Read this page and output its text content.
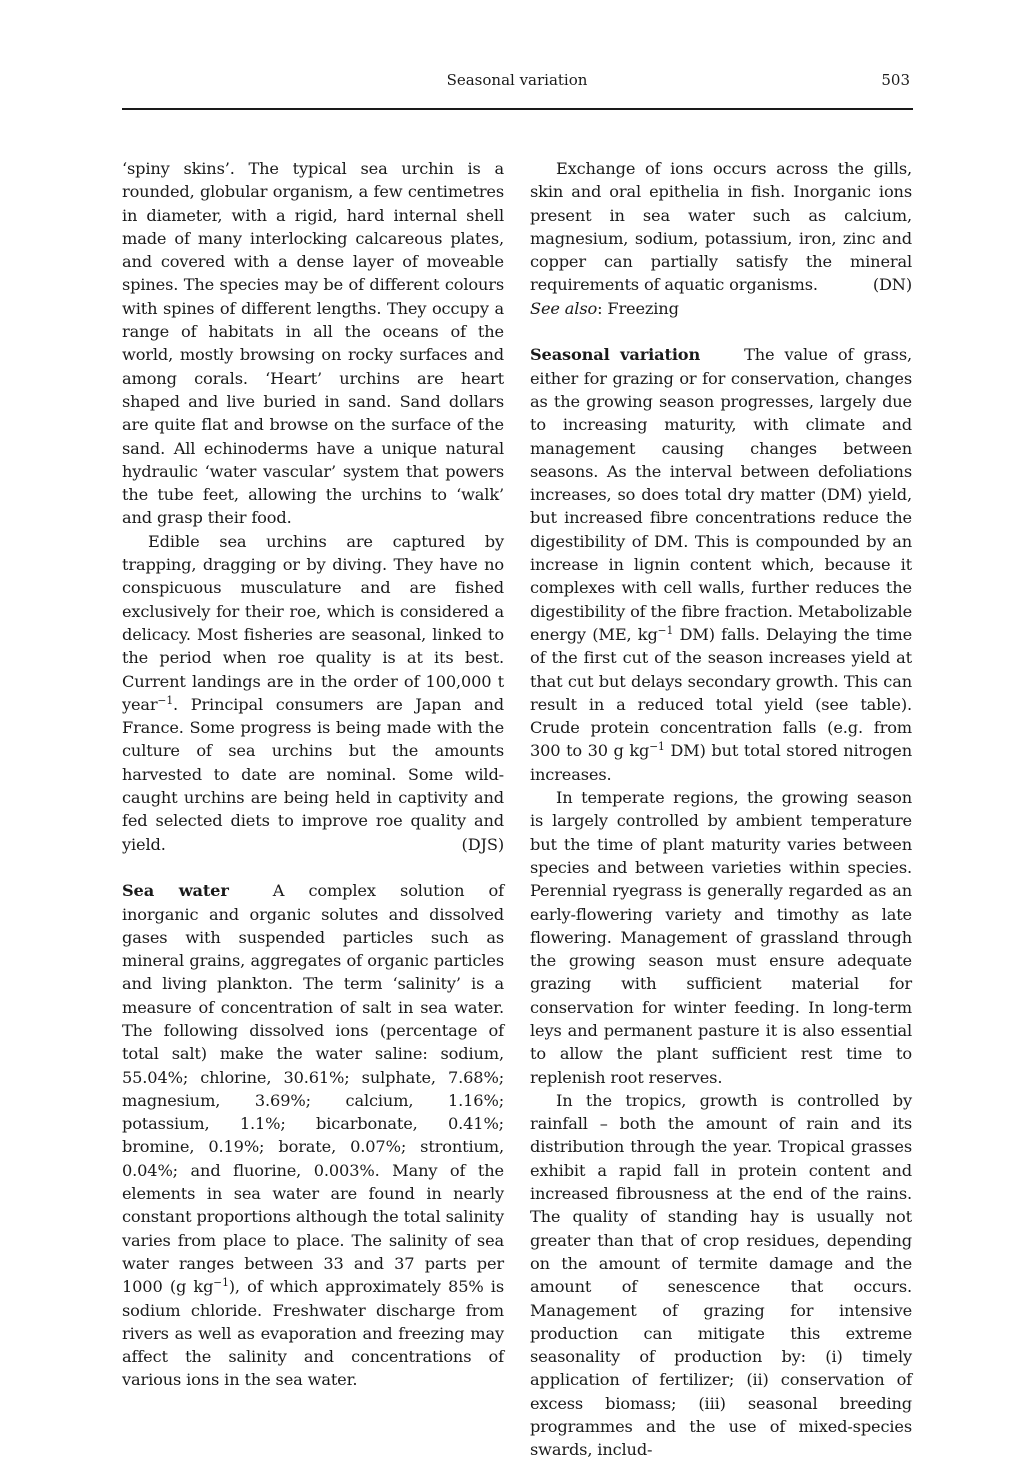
Seasonal variation	503

‘spiny skins’. The typical sea urchin is a rounded, globular organism, a few centimetres in diameter, with a rigid, hard internal shell made of many interlocking calcareous plates, and covered with a dense layer of moveable spines. The species may be of different colours with spines of different lengths. They occupy a range of habitats in all the oceans of the world, mostly browsing on rocky surfaces and among corals. ‘Heart’ urchins are heart shaped and live buried in sand. Sand dollars are quite flat and browse on the surface of the sand. All echinoderms have a unique natural hydraulic ‘water vascular’ system that powers the tube feet, allowing the urchins to ‘walk’ and grasp their food.

Edible sea urchins are captured by trapping, dragging or by diving. They have no conspicuous musculature and are fished exclusively for their roe, which is considered a delicacy. Most fisheries are seasonal, linked to the period when roe quality is at its best. Current landings are in the order of 100,000 t year$^{-1}$. Principal consumers are Japan and France. Some progress is being made with the culture of sea urchins but the amounts harvested to date are nominal. Some wild-caught urchins are being held in captivity and fed selected diets to improve roe quality and yield.	(DJS)

Sea water	A complex solution of inorganic and organic solutes and dissolved gases with suspended particles such as mineral grains, aggregates of organic particles and living plankton. The term ‘salinity’ is a measure of concentration of salt in sea water. The following dissolved ions (percentage of total salt) make the water saline: sodium, 55.04%; chlorine, 30.61%; sulphate, 7.68%; magnesium, 3.69%; calcium, 1.16%; potassium, 1.1%; bicarbonate, 0.41%; bromine, 0.19%; borate, 0.07%; strontium, 0.04%; and fluorine, 0.003%. Many of the elements in sea water are found in nearly constant proportions although the total salinity varies from place to place. The salinity of sea water ranges between 33 and 37 parts per 1000 (g $kg^{-1}$), of which approximately 85% is sodium chloride. Freshwater discharge from rivers as well as evaporation and freezing may affect the salinity and concentrations of various ions in the sea water.

Exchange of ions occurs across the gills, skin and oral epithelia in fish. Inorganic ions present in sea water such as calcium, magnesium, sodium, potassium, iron, zinc and copper can partially satisfy the mineral requirements of aquatic organisms.	(DN)

See also: Freezing

Seasonal variation	The value of grass, either for grazing or for conservation, changes as the growing season progresses, largely due to increasing maturity, with climate and management causing changes between seasons. As the interval between defoliations increases, so does total dry matter (DM) yield, but increased fibre concentrations reduce the digestibility of DM. This is compounded by an increase in lignin content which, because it complexes with cell walls, further reduces the digestibility of the fibre fraction. Metabolizable energy (ME, $kg^{-1}$ DM) falls. Delaying the time of the first cut of the season increases yield at that cut but delays secondary growth. This can result in a reduced total yield (see table). Crude protein concentration falls (e.g. from 300 to 30 g $kg^{-1}$ DM) but total stored nitrogen increases.

In temperate regions, the growing season is largely controlled by ambient temperature but the time of plant maturity varies between species and between varieties within species. Perennial ryegrass is generally regarded as an early-flowering variety and timothy as late flowering. Management of grassland through the growing season must ensure adequate grazing with sufficient material for conservation for winter feeding. In long-term leys and permanent pasture it is also essential to allow the plant sufficient rest time to replenish root reserves.

In the tropics, growth is controlled by rainfall – both the amount of rain and its distribution through the year. Tropical grasses exhibit a rapid fall in protein content and increased fibrousness at the end of the rains. The quality of standing hay is usually not greater than that of crop residues, depending on the amount of termite damage and the amount of senescence that occurs. Management of grazing for intensive production can mitigate this extreme seasonality of production by: (i) timely application of fertilizer; (ii) conservation of excess biomass; (iii) seasonal breeding programmes and the use of mixed-species swards, includ-
